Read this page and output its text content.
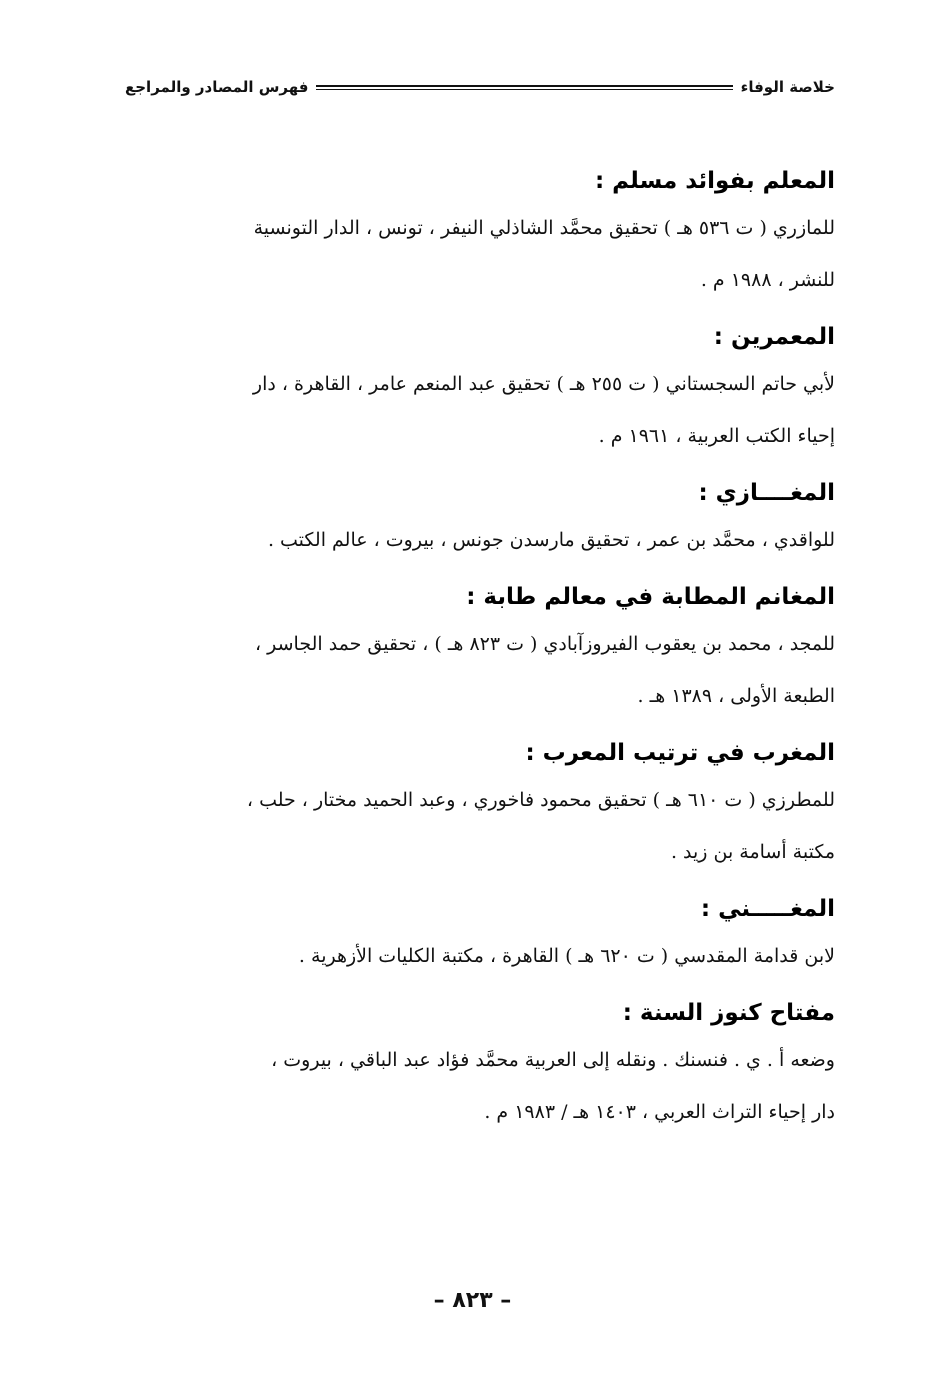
خلاصة الوفاء
فهرس المصادر والمراجع

المعلم بفوائد مسلم :

للمازري ( ت ٥٣٦ هـ ) تحقيق محمَّد الشاذلي النيفر ، تونس ، الدار التونسية

للنشر ، ١٩٨٨ م .

المعمرين :

لأبي حاتم السجستاني ( ت ٢٥٥ هـ ) تحقيق عبد المنعم عامر ، القاهرة ، دار

إحياء الكتب العربية ، ١٩٦١ م .

المغــــازي :

للواقدي ، محمَّد بن عمر ، تحقيق مارسدن جونس ، بيروت ، عالم الكتب .

المغانم المطابة في معالم طابة :

للمجد ، محمد بن يعقوب الفيروزآبادي ( ت ٨٢٣ هـ ) ، تحقيق حمد الجاسر ،

الطبعة الأولى ، ١٣٨٩ هـ .

المغرب في ترتيب المعرب :

للمطرزي ( ت ٦١٠ هـ ) تحقيق محمود فاخوري ، وعبد الحميد مختار ، حلب ،

مكتبة أسامة بن زيد .

المغـــــني :

لابن قدامة المقدسي ( ت ٦٢٠ هـ ) القاهرة ، مكتبة الكليات الأزهرية .

مفتاح كنوز السنة :

وضعه أ . ي . فنسنك . ونقله إلى العربية محمَّد فؤاد عبد الباقي ، بيروت ،

دار إحياء التراث العربي ، ١٤٠٣ هـ / ١٩٨٣ م .

– ٨٢٣ –
